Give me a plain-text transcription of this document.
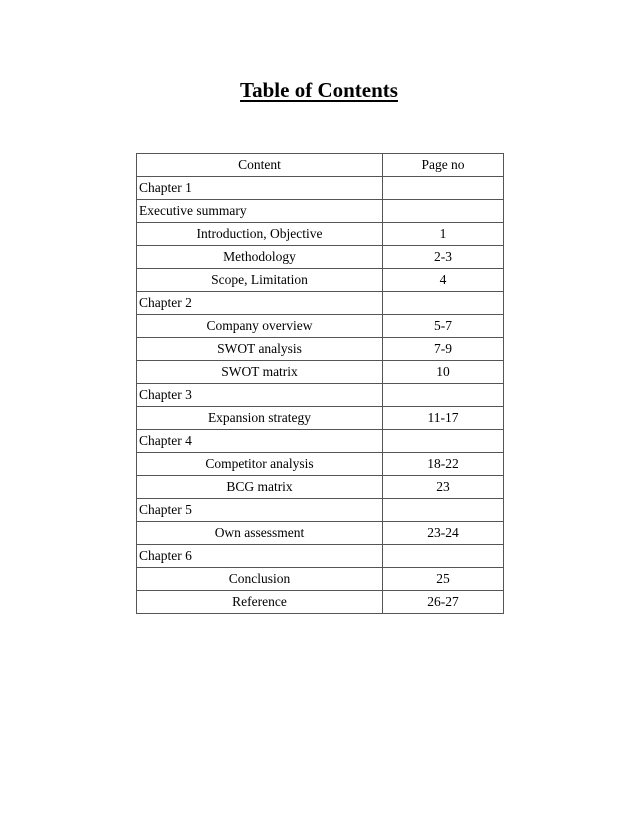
Table of Contents
Content	Page no
Chapter 1	
Executive summary	
Introduction, Objective	1
Methodology	2-3
Scope, Limitation	4
Chapter 2	
Company overview	5-7
SWOT analysis	7-9
SWOT matrix	10
Chapter 3	
Expansion strategy	11-17
Chapter 4	
Competitor analysis	18-22
BCG matrix	23
Chapter 5	
Own assessment	23-24
Chapter 6	
Conclusion	25
Reference	26-27
